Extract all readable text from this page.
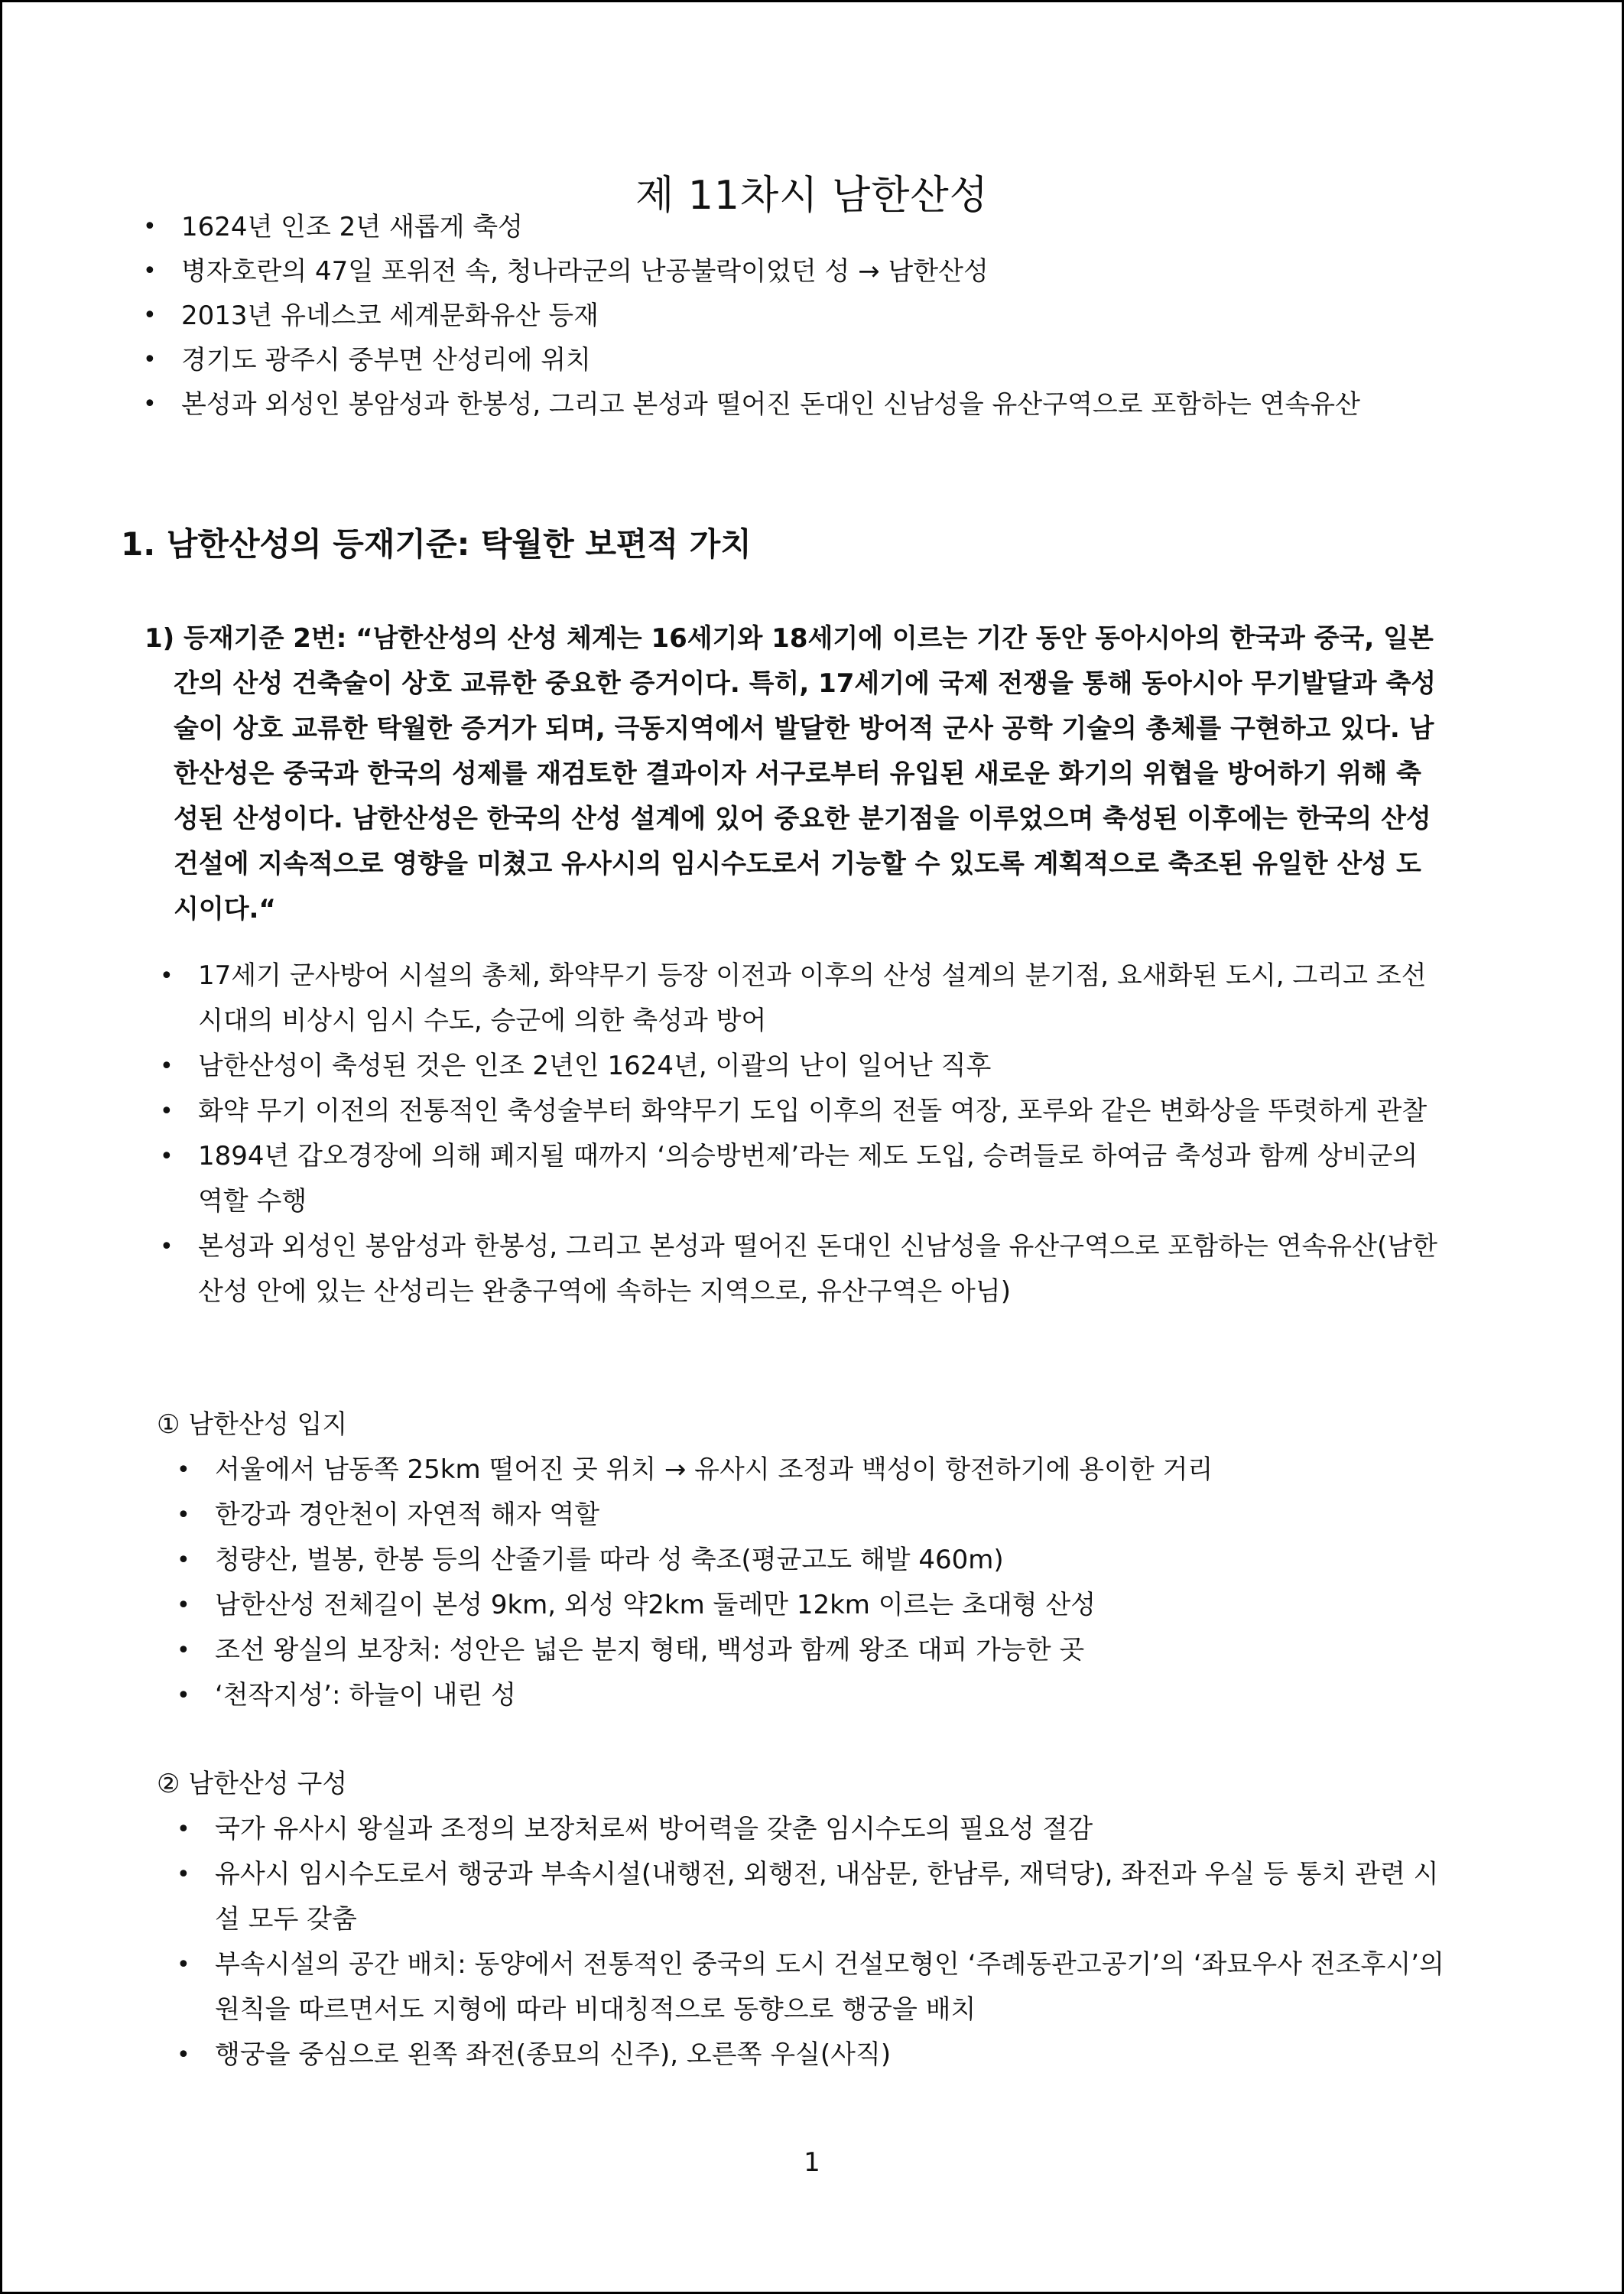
제 11차시 남한산성
• 1624년 인조 2년 새롭게 축성
• 병자호란의 47일 포위전 속, 청나라군의 난공불락이었던 성 → 남한산성
• 2013년 유네스코 세계문화유산 등재
• 경기도 광주시 중부면 산성리에 위치
• 본성과 외성인 봉암성과 한봉성, 그리고 본성과 떨어진 돈대인 신남성을 유산구역으로 포함하는 연속유산
1. 남한산성의 등재기준: 탁월한 보편적 가치

1) 등재기준 2번: “남한산성의 산성 체계는 16세기와 18세기에 이르는 기간 동안 동아시아의 한국과 중국, 일본 간의 산성 건축술이 상호 교류한 중요한 증거이다. 특히, 17세기에 국제 전쟁을 통해 동아시아 무기발달과 축성술이 상호 교류한 탁월한 증거가 되며, 극동지역에서 발달한 방어적 군사 공학 기술의 총체를 구현하고 있다. 남한산성은 중국과 한국의 성제를 재검토한 결과이자 서구로부터 유입된 새로운 화기의 위협을 방어하기 위해 축성된 산성이다. 남한산성은 한국의 산성 설계에 있어 중요한 분기점을 이루었으며 축성된 이후에는 한국의 산성 건설에 지속적으로 영향을 미쳤고 유사시의 임시수도로서 기능할 수 있도록 계획적으로 축조된 유일한 산성 도시이다.“

• 17세기 군사방어 시설의 총체, 화약무기 등장 이전과 이후의 산성 설계의 분기점, 요새화된 도시, 그리고 조선시대의 비상시 임시 수도, 승군에 의한 축성과 방어
• 남한산성이 축성된 것은 인조 2년인 1624년, 이괄의 난이 일어난 직후
• 화약 무기 이전의 전통적인 축성술부터 화약무기 도입 이후의 전돌 여장, 포루와 같은 변화상을 뚜렷하게 관찰
• 1894년 갑오경장에 의해 폐지될 때까지 ‘의승방번제’라는 제도 도입, 승려들로 하여금 축성과 함께 상비군의 역할 수행
• 본성과 외성인 봉암성과 한봉성, 그리고 본성과 떨어진 돈대인 신남성을 유산구역으로 포함하는 연속유산(남한산성 안에 있는 산성리는 완충구역에 속하는 지역으로, 유산구역은 아님)
① 남한산성 입지
• 서울에서 남동쪽 25km 떨어진 곳 위치 → 유사시 조정과 백성이 항전하기에 용이한 거리
• 한강과 경안천이 자연적 해자 역할
• 청량산, 벌봉, 한봉 등의 산줄기를 따라 성 축조(평균고도 해발 460m)
• 남한산성 전체길이 본성 9km, 외성 약2km 둘레만 12km 이르는 초대형 산성
• 조선 왕실의 보장처: 성안은 넓은 분지 형태, 백성과 함께 왕조 대피 가능한 곳
• ‘천작지성’: 하늘이 내린 성
② 남한산성 구성
• 국가 유사시 왕실과 조정의 보장처로써 방어력을 갖춘 임시수도의 필요성 절감
• 유사시 임시수도로서 행궁과 부속시설(내행전, 외행전, 내삼문, 한남루, 재덕당), 좌전과 우실 등 통치 관련 시설 모두 갖춤
• 부속시설의 공간 배치: 동양에서 전통적인 중국의 도시 건설모형인 ‘주례동관고공기’의 ‘좌묘우사 전조후시’의 원칙을 따르면서도 지형에 따라 비대칭적으로 동향으로 행궁을 배치
• 행궁을 중심으로 왼쪽 좌전(종묘의 신주), 오른쪽 우실(사직)
1
